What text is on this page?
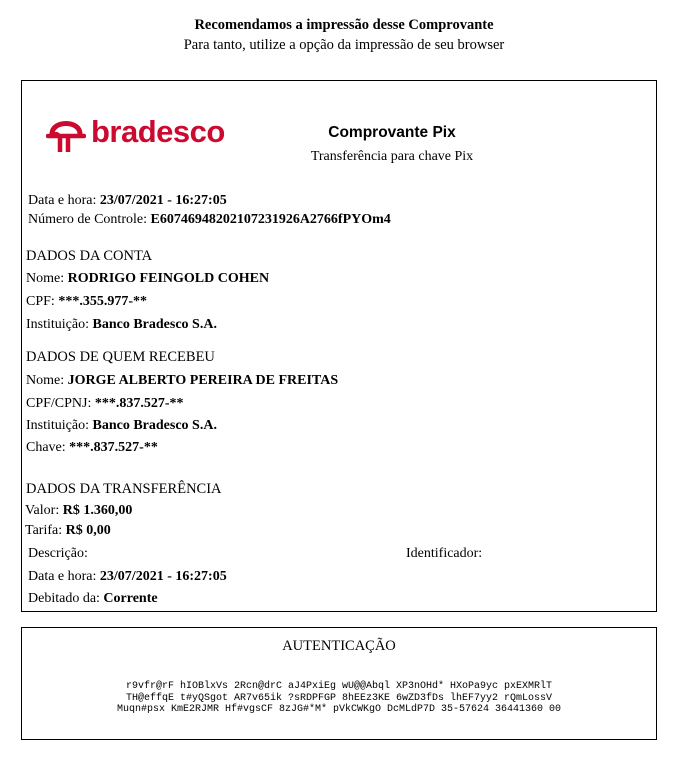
Recomendamos a impressão desse Comprovante
Para tanto, utilize a opção da impressão de seu browser
bradesco	Comprovante Pix
Transferência para chave Pix
Data e hora: 23/07/2021 - 16:27:05
Número de Controle: E60746948202107231926A2766fPYOm4
DADOS DA CONTA
Nome: RODRIGO FEINGOLD COHEN
CPF: ***.355.977-**
Instituição: Banco Bradesco S.A.
DADOS DE QUEM RECEBEU
Nome: JORGE ALBERTO PEREIRA DE FREITAS
CPF/CPNJ: ***.837.527-**
Instituição: Banco Bradesco S.A.
Chave: ***.837.527-**
DADOS DA TRANSFERÊNCIA
Valor: R$ 1.360,00
Tarifa: R$ 0,00
Descrição:	Identificador:
Data e hora: 23/07/2021 - 16:27:05
Debitado da: Corrente
AUTENTICAÇÃO
r9vfr@rF hIOBlxVs 2Rcn@drC aJ4PxiEg wU@@Abql XP3nOHd* HXoPa9yc pxEXMRlT
TH@effqE t#yQSgot AR7v65ik ?sRDPFGP 8hEEz3KE 6wZD3fDs lhEF7yy2 rQmLossV
Muqn#psx KmE2RJMR Hf#vgsCF 8zJG#*M* pVkCWKgO DcMLdP7D 35-57624 36441360 00
